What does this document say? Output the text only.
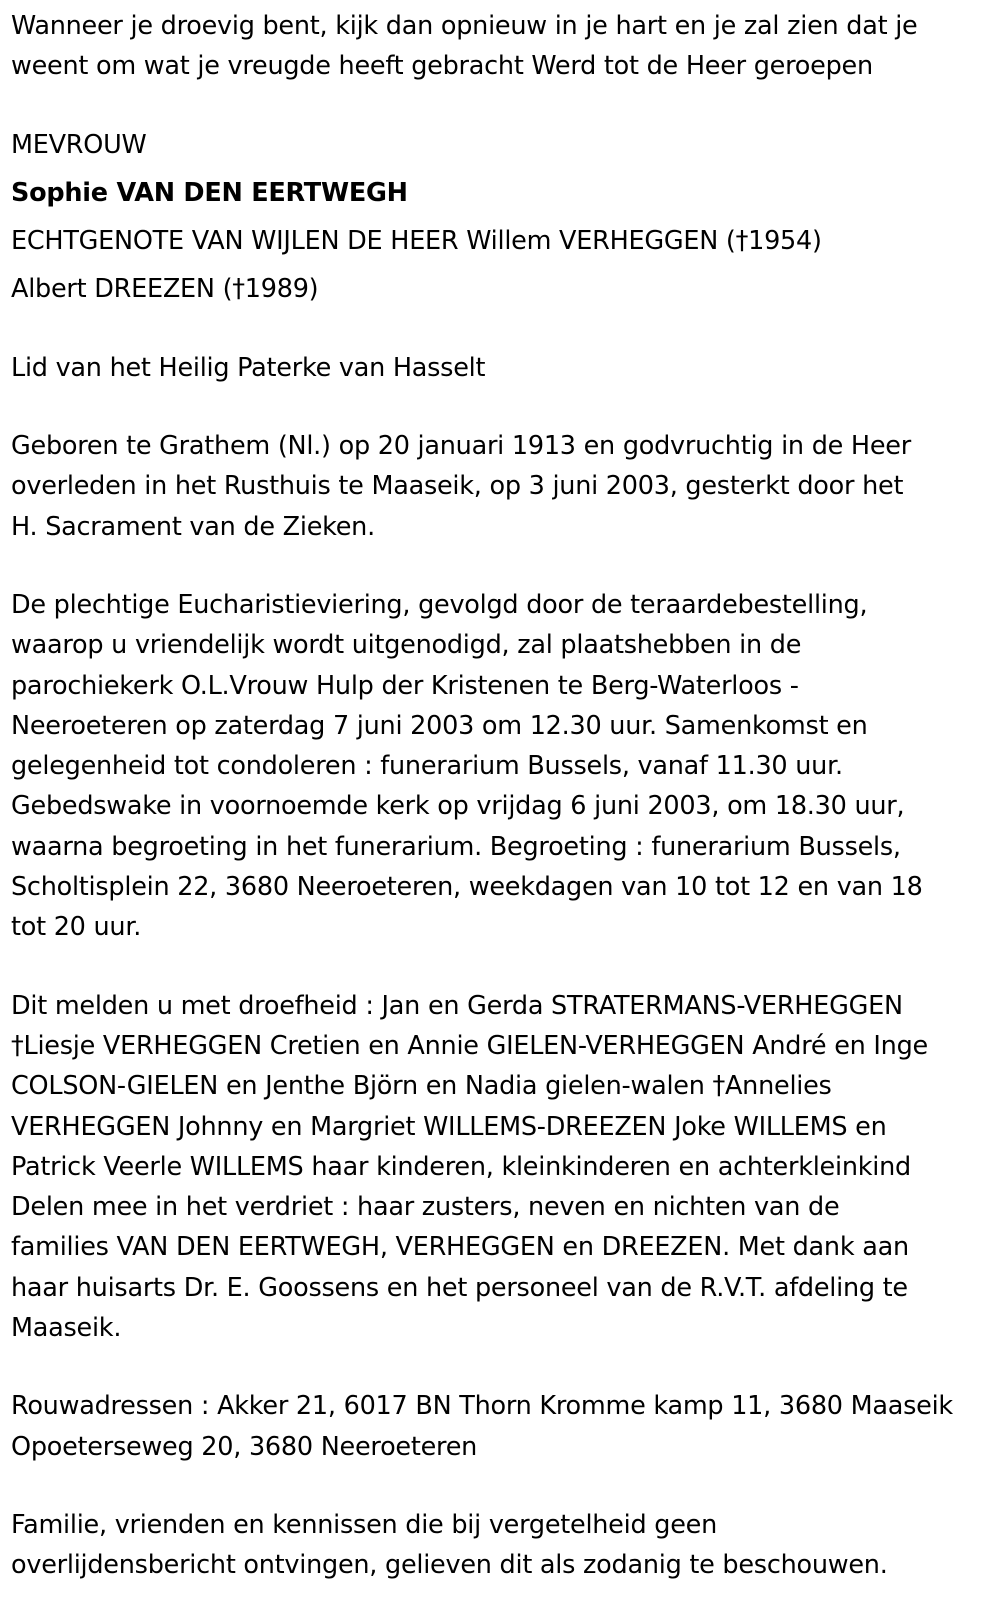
Wanneer je droevig bent, kijk dan opnieuw in je hart en je zal zien dat je
weent om wat je vreugde heeft gebracht Werd tot de Heer geroepen

MEVROUW

Sophie VAN DEN EERTWEGH

ECHTGENOTE VAN WIJLEN DE HEER Willem VERHEGGEN (†1954)

Albert DREEZEN (†1989)

Lid van het Heilig Paterke van Hasselt

Geboren te Grathem (Nl.) op 20 januari 1913 en godvruchtig in de Heer
overleden in het Rusthuis te Maaseik, op 3 juni 2003, gesterkt door het
H. Sacrament van de Zieken.

De plechtige Eucharistieviering, gevolgd door de teraardebestelling,
waarop u vriendelijk wordt uitgenodigd, zal plaatshebben in de
parochiekerk O.L.Vrouw Hulp der Kristenen te Berg-Waterloos -
Neeroeteren op zaterdag 7 juni 2003 om 12.30 uur. Samenkomst en
gelegenheid tot condoleren : funerarium Bussels, vanaf 11.30 uur.
Gebedswake in voornoemde kerk op vrijdag 6 juni 2003, om 18.30 uur,
waarna begroeting in het funerarium. Begroeting : funerarium Bussels,
Scholtisplein 22, 3680 Neeroeteren, weekdagen van 10 tot 12 en van 18
tot 20 uur.

Dit melden u met droefheid : Jan en Gerda STRATERMANS-VERHEGGEN
†Liesje VERHEGGEN Cretien en Annie GIELEN-VERHEGGEN André en Inge
COLSON-GIELEN en Jenthe Björn en Nadia gielen-walen †Annelies
VERHEGGEN Johnny en Margriet WILLEMS-DREEZEN Joke WILLEMS en
Patrick Veerle WILLEMS haar kinderen, kleinkinderen en achterkleinkind
Delen mee in het verdriet : haar zusters, neven en nichten van de
families VAN DEN EERTWEGH, VERHEGGEN en DREEZEN. Met dank aan
haar huisarts Dr. E. Goossens en het personeel van de R.V.T. afdeling te
Maaseik.

Rouwadressen : Akker 21, 6017 BN Thorn Kromme kamp 11, 3680 Maaseik
Opoeterseweg 20, 3680 Neeroeteren

Familie, vrienden en kennissen die bij vergetelheid geen
overlijdensbericht ontvingen, gelieven dit als zodanig te beschouwen.
